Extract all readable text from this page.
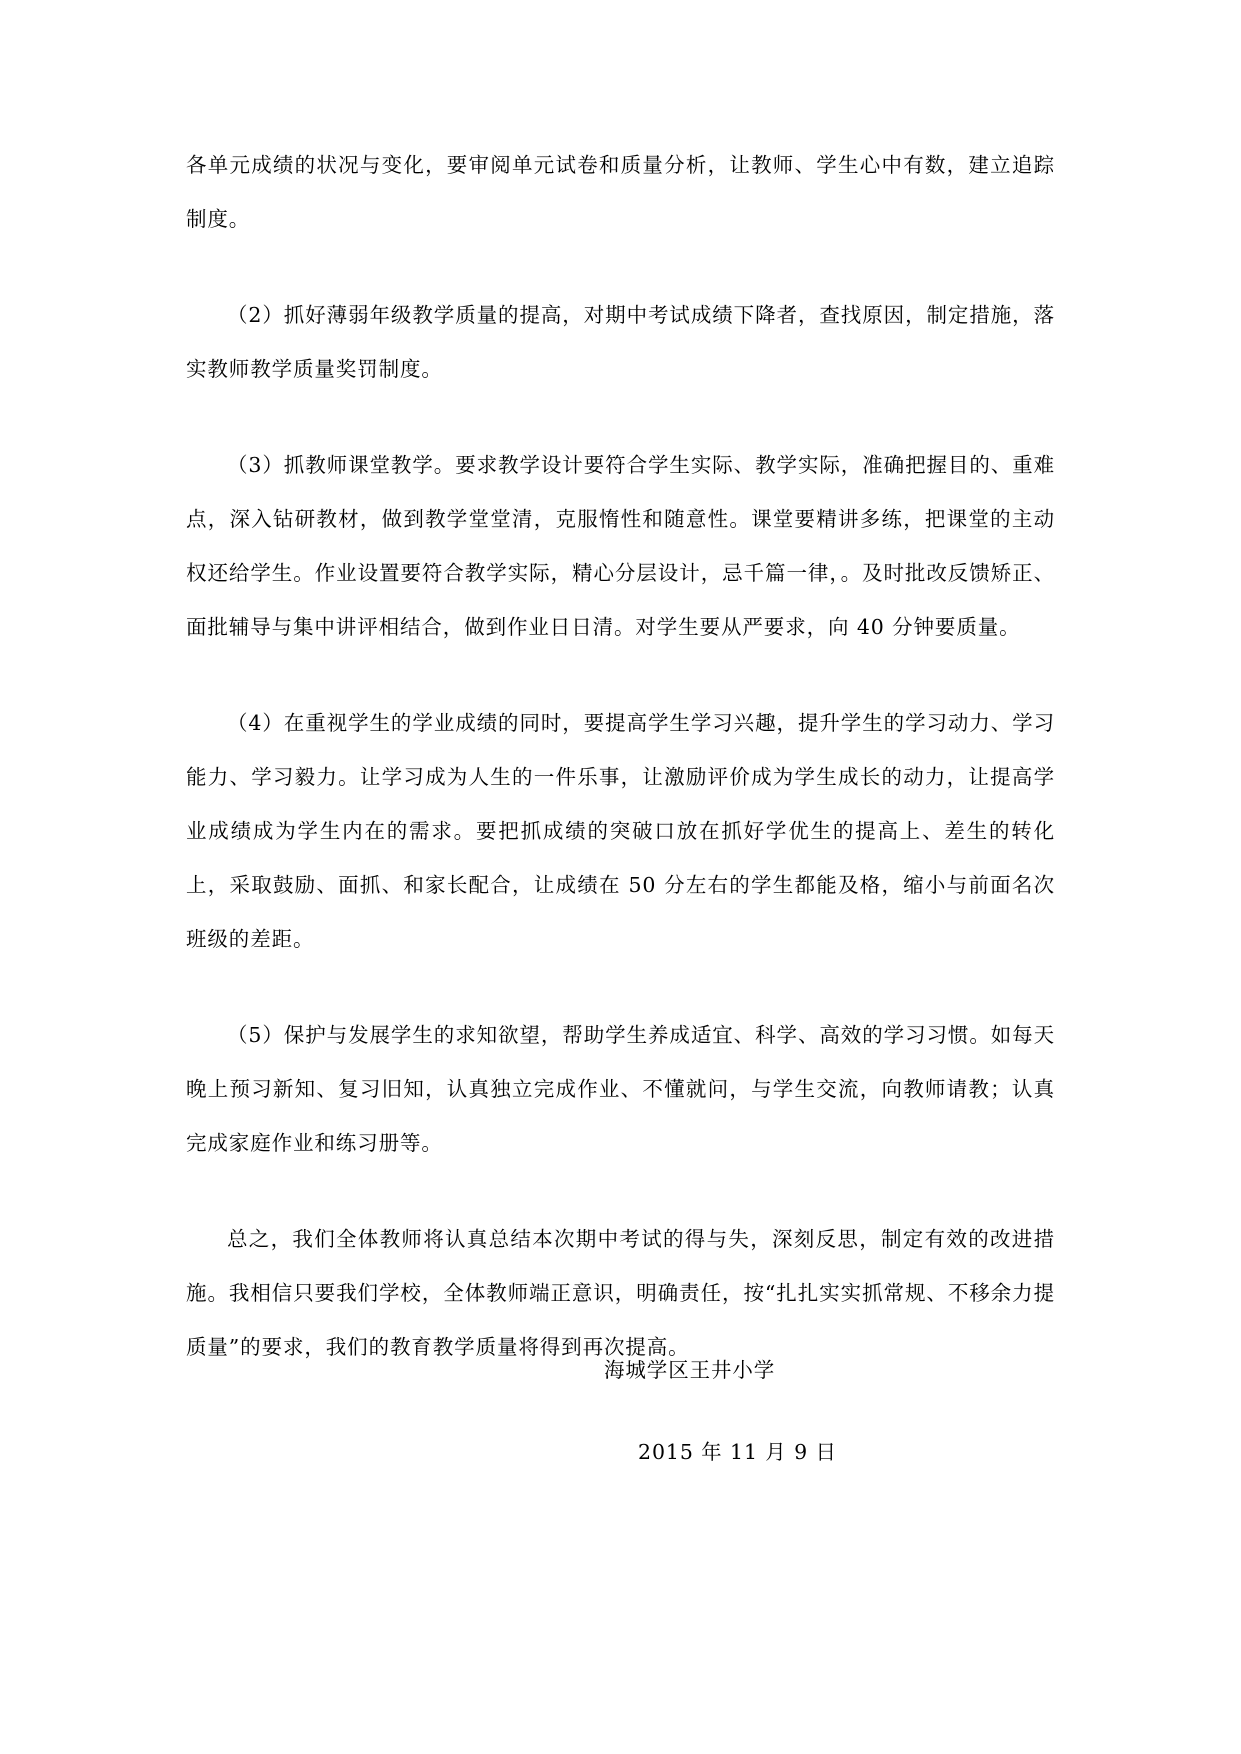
各单元成绩的状况与变化，要审阅单元试卷和质量分析，让教师、学生心中有数，建立追踪制度。

（2）抓好薄弱年级教学质量的提高，对期中考试成绩下降者，查找原因，制定措施，落实教师教学质量奖罚制度。

（3）抓教师课堂教学。要求教学设计要符合学生实际、教学实际，准确把握目的、重难点，深入钻研教材，做到教学堂堂清，克服惰性和随意性。课堂要精讲多练，把课堂的主动权还给学生。作业设置要符合教学实际，精心分层设计，忌千篇一律，。及时批改反馈矫正、面批辅导与集中讲评相结合，做到作业日日清。对学生要从严要求，向 40 分钟要质量。

（4）在重视学生的学业成绩的同时，要提高学生学习兴趣，提升学生的学习动力、学习能力、学习毅力。让学习成为人生的一件乐事，让激励评价成为学生成长的动力，让提高学业成绩成为学生内在的需求。要把抓成绩的突破口放在抓好学优生的提高上、差生的转化上，采取鼓励、面抓、和家长配合，让成绩在 50 分左右的学生都能及格，缩小与前面名次班级的差距。

（5）保护与发展学生的求知欲望，帮助学生养成适宜、科学、高效的学习习惯。如每天晚上预习新知、复习旧知，认真独立完成作业、不懂就问，与学生交流，向教师请教；认真完成家庭作业和练习册等。

总之，我们全体教师将认真总结本次期中考试的得与失，深刻反思，制定有效的改进措施。我相信只要我们学校，全体教师端正意识，明确责任，按“扎扎实实抓常规、不移余力提质量”的要求，我们的教育教学质量将得到再次提高。

海城学区王井小学
2015 年 11 月 9 日
